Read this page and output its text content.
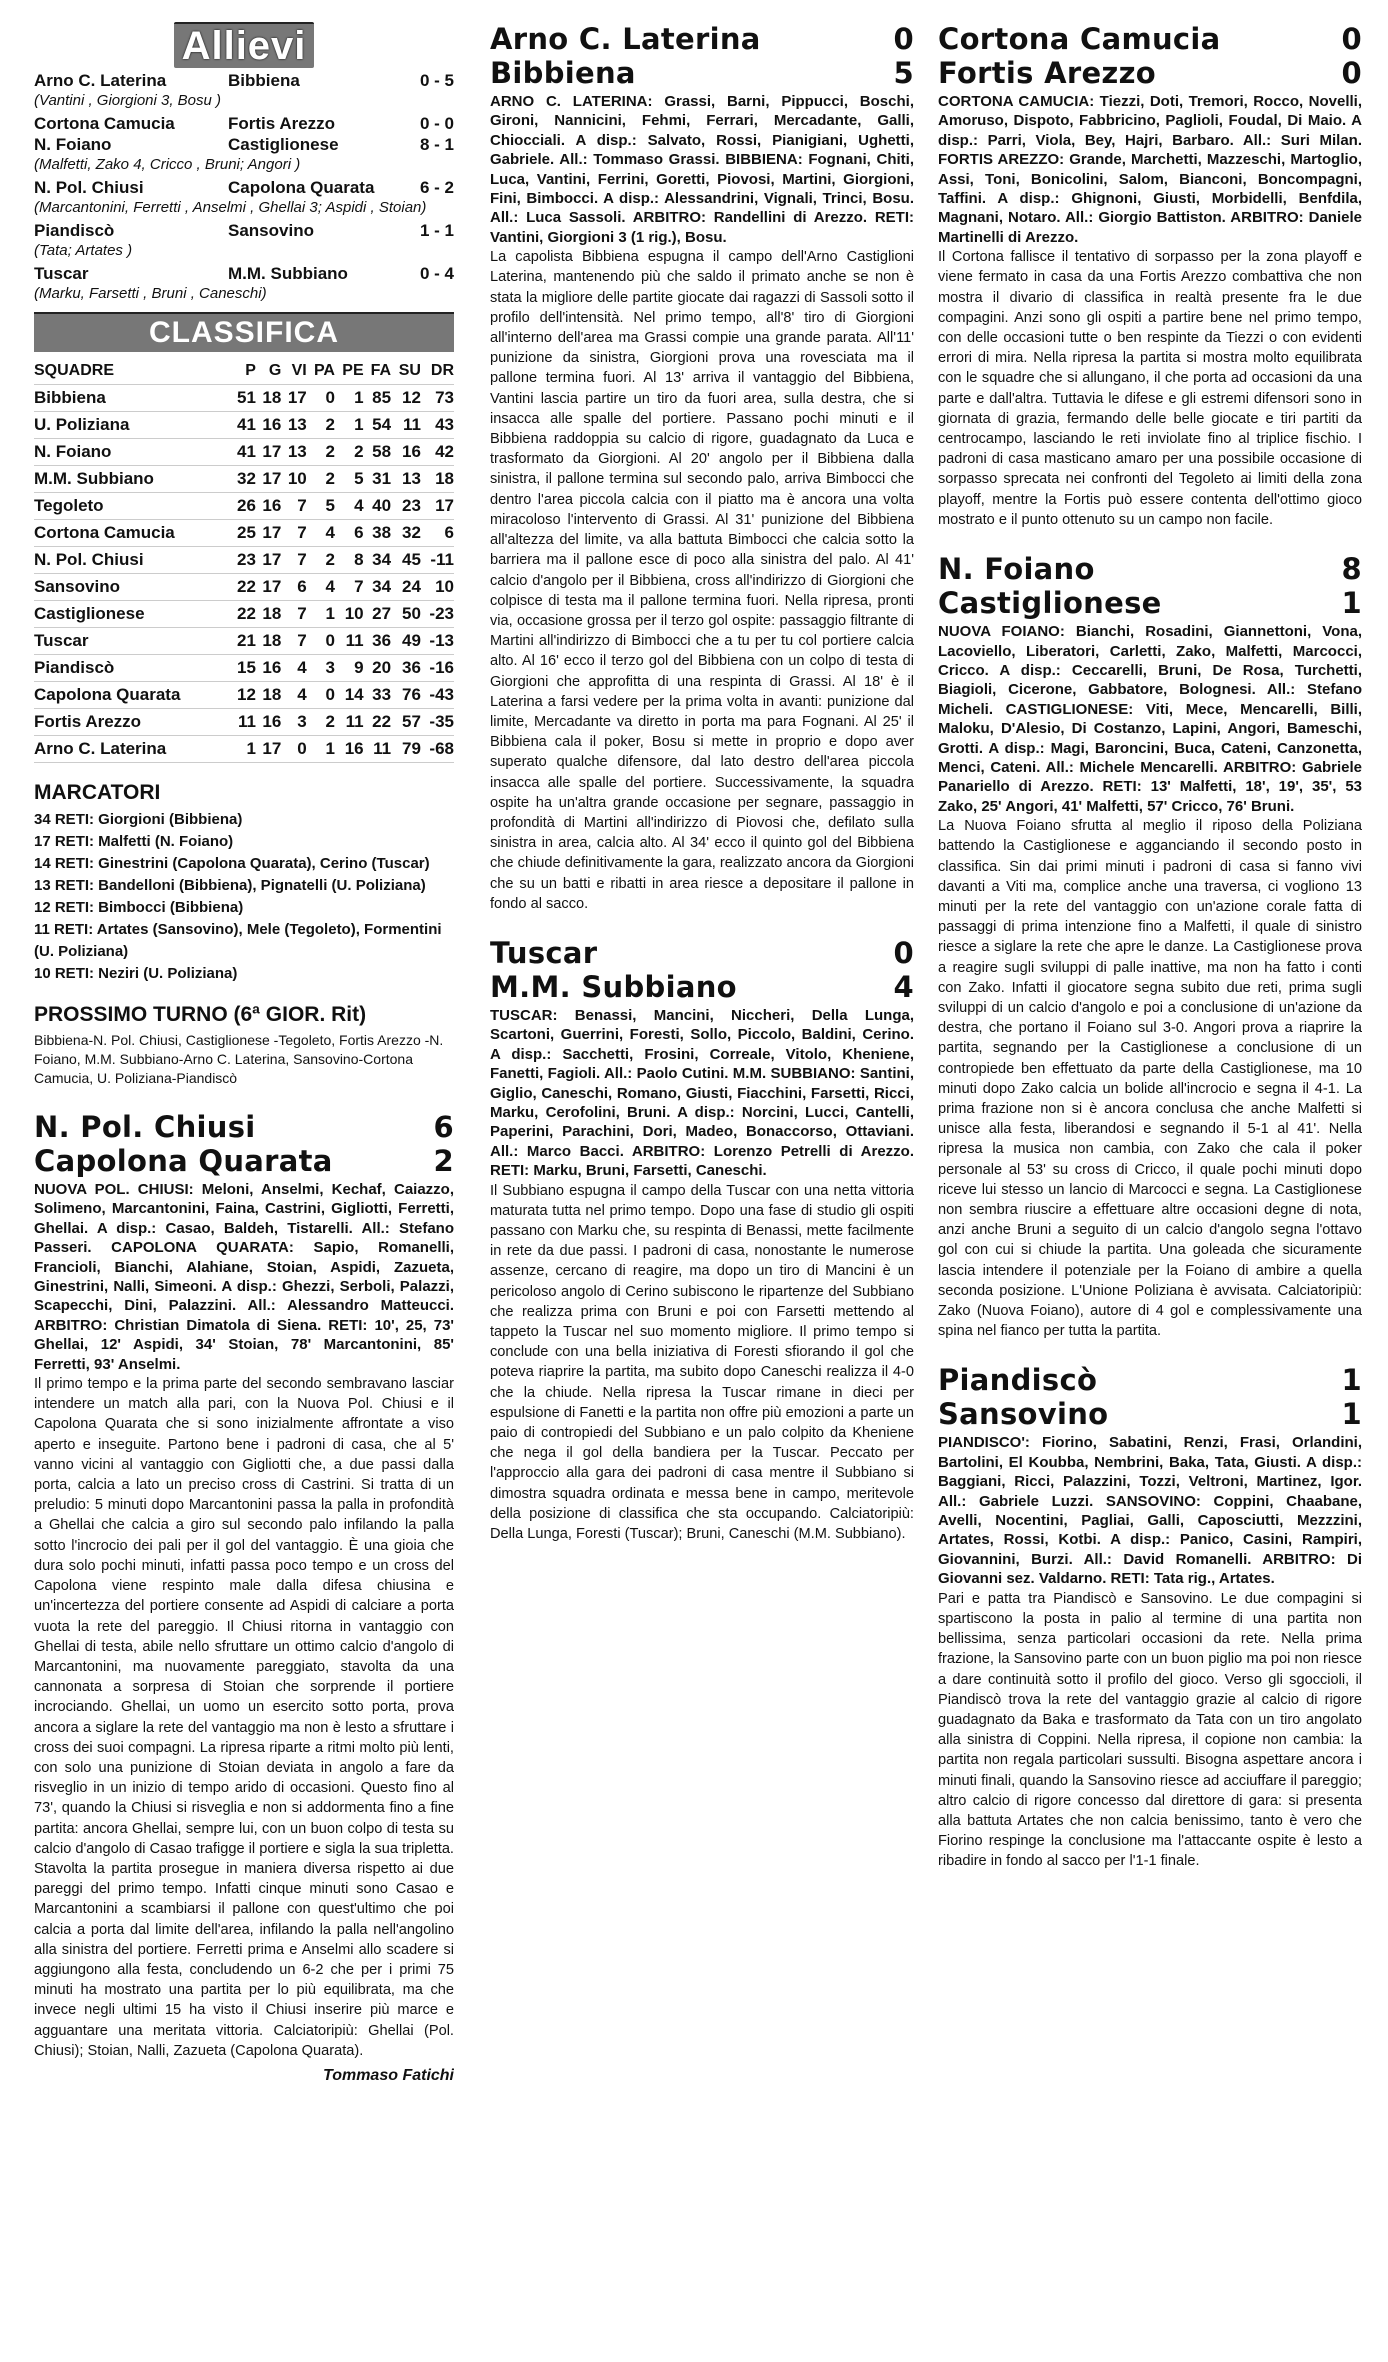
Allievi
Arno C. Laterina	Bibbiena	0 - 5
(Vantini , Giorgioni 3, Bosu )
Cortona Camucia	Fortis Arezzo	0 - 0
N. Foiano	Castiglionese	8 - 1
(Malfetti, Zako 4, Cricco , Bruni; Angori )
N. Pol. Chiusi	Capolona Quarata	6 - 2
(Marcantonini, Ferretti , Anselmi , Ghellai 3; Aspidi , Stoian)
Piandiscò	Sansovino	1 - 1
(Tata; Artates )
Tuscar	M.M. Subbiano	0 - 4
(Marku, Farsetti , Bruni , Caneschi)
CLASSIFICA
SQUADRE	P	G	VI	PA	PE	FA	SU	DR
Bibbiena	51	18	17	0	1	85	12	73
U. Poliziana	41	16	13	2	1	54	11	43
N. Foiano	41	17	13	2	2	58	16	42
M.M. Subbiano	32	17	10	2	5	31	13	18
Tegoleto	26	16	7	5	4	40	23	17
Cortona Camucia	25	17	7	4	6	38	32	6
N. Pol. Chiusi	23	17	7	2	8	34	45	-11
Sansovino	22	17	6	4	7	34	24	10
Castiglionese	22	18	7	1	10	27	50	-23
Tuscar	21	18	7	0	11	36	49	-13
Piandiscò	15	16	4	3	9	20	36	-16
Capolona Quarata	12	18	4	0	14	33	76	-43
Fortis Arezzo	11	16	3	2	11	22	57	-35
Arno C. Laterina	1	17	0	1	16	11	79	-68
MARCATORI
34 RETI: Giorgioni (Bibbiena)
17 RETI: Malfetti (N. Foiano)
14 RETI: Ginestrini (Capolona Quarata), Cerino (Tuscar)
13 RETI: Bandelloni (Bibbiena), Pignatelli (U. Poliziana)
12 RETI: Bimbocci (Bibbiena)
11 RETI: Artates (Sansovino), Mele (Tegoleto), Formentini (U. Poliziana)
10 RETI: Neziri (U. Poliziana)
PROSSIMO TURNO (6ª GIOR. Rit)
Bibbiena-N. Pol. Chiusi, Castiglionese -Tegoleto, Fortis Arezzo -N. Foiano, M.M. Subbiano-Arno C. Laterina, Sansovino-Cortona Camucia, U. Poliziana-Piandiscò
N. Pol. Chiusi	6
Capolona Quarata	2

NUOVA POL. CHIUSI: Meloni, Anselmi, Kechaf, Caiazzo, Solimeno, Marcantonini, Faina, Castrini, Gigliotti, Ferretti, Ghellai. A disp.: Casao, Baldeh, Tistarelli. All.: Stefano Passeri. CAPOLONA QUARATA: Sapio, Romanelli, Francioli, Bianchi, Alahiane, Stoian, Aspidi, Zazueta, Ginestrini, Nalli, Simeoni. A disp.: Ghezzi, Serboli, Palazzi, Scapecchi, Dini, Palazzini. All.: Alessandro Matteucci. ARBITRO: Christian Dimatola di Siena. RETI: 10', 25, 73' Ghellai, 12' Aspidi, 34' Stoian, 78' Marcantonini, 85' Ferretti, 93' Anselmi.

Il primo tempo e la prima parte del secondo sembravano lasciar intendere un match alla pari, con la Nuova Pol. Chiusi e il Capolona Quarata che si sono inizialmente affrontate a viso aperto e inseguite. Partono bene i padroni di casa, che al 5' vanno vicini al vantaggio con Gigliotti che, a due passi dalla porta, calcia a lato un preciso cross di Castrini. Si tratta di un preludio: 5 minuti dopo Marcantonini passa la palla in profondità a Ghellai che calcia a giro sul secondo palo infilando la palla sotto l'incrocio dei pali per il gol del vantaggio. È una gioia che dura solo pochi minuti, infatti passa poco tempo e un cross del Capolona viene respinto male dalla difesa chiusina e un'incertezza del portiere consente ad Aspidi di calciare a porta vuota la rete del pareggio. Il Chiusi ritorna in vantaggio con Ghellai di testa, abile nello sfruttare un ottimo calcio d'angolo di Marcantonini, ma nuovamente pareggiato, stavolta da una cannonata a sorpresa di Stoian che sorprende il portiere incrociando. Ghellai, un uomo un esercito sotto porta, prova ancora a siglare la rete del vantaggio ma non è lesto a sfruttare i cross dei suoi compagni. La ripresa riparte a ritmi molto più lenti, con solo una punizione di Stoian deviata in angolo a fare da risveglio in un inizio di tempo arido di occasioni. Questo fino al 73', quando la Chiusi si risveglia e non si addormenta fino a fine partita: ancora Ghellai, sempre lui, con un buon colpo di testa su calcio d'angolo di Casao trafigge il portiere e sigla la sua tripletta. Stavolta la partita prosegue in maniera diversa rispetto ai due pareggi del primo tempo. Infatti cinque minuti sono Casao e Marcantonini a scambiarsi il pallone con quest'ultimo che poi calcia a porta dal limite dell'area, infilando la palla nell'angolino alla sinistra del portiere. Ferretti prima e Anselmi allo scadere si aggiungono alla festa, concludendo un 6-2 che per i primi 75 minuti ha mostrato una partita per lo più equilibrata, ma che invece negli ultimi 15 ha visto il Chiusi inserire più marce e agguantare una meritata vittoria. Calciatoripiù: Ghellai (Pol. Chiusi); Stoian, Nalli, Zazueta (Capolona Quarata).

Tommaso Fatichi
Arno C. Laterina	0
Bibbiena	5

ARNO C. LATERINA: Grassi, Barni, Pippucci, Boschi, Gironi, Nannicini, Fehmi, Ferrari, Mercadante, Galli, Chiocciali. A disp.: Salvato, Rossi, Pianigiani, Ughetti, Gabriele. All.: Tommaso Grassi. BIBBIENA: Fognani, Chiti, Luca, Vantini, Ferrini, Goretti, Piovosi, Martini, Giorgioni, Fini, Bimbocci. A disp.: Alessandrini, Vignali, Trinci, Bosu. All.: Luca Sassoli. ARBITRO: Randellini di Arezzo. RETI: Vantini, Giorgioni 3 (1 rig.), Bosu.

La capolista Bibbiena espugna il campo dell'Arno Castiglioni Laterina, mantenendo più che saldo il primato anche se non è stata la migliore delle partite giocate dai ragazzi di Sassoli sotto il profilo dell'intensità. Nel primo tempo, all'8' tiro di Giorgioni all'interno dell'area ma Grassi compie una grande parata. All'11' punizione da sinistra, Giorgioni prova una rovesciata ma il pallone termina fuori. Al 13' arriva il vantaggio del Bibbiena, Vantini lascia partire un tiro da fuori area, sulla destra, che si insacca alle spalle del portiere. Passano pochi minuti e il Bibbiena raddoppia su calcio di rigore, guadagnato da Luca e trasformato da Giorgioni. Al 20' angolo per il Bibbiena dalla sinistra, il pallone termina sul secondo palo, arriva Bimbocci che dentro l'area piccola calcia con il piatto ma è ancora una volta miracoloso l'intervento di Grassi. Al 31' punizione del Bibbiena all'altezza del limite, va alla battuta Bimbocci che calcia sotto la barriera ma il pallone esce di poco alla sinistra del palo. Al 41' calcio d'angolo per il Bibbiena, cross all'indirizzo di Giorgioni che colpisce di testa ma il pallone termina fuori. Nella ripresa, pronti via, occasione grossa per il terzo gol ospite: passaggio filtrante di Martini all'indirizzo di Bimbocci che a tu per tu col portiere calcia alto. Al 16' ecco il terzo gol del Bibbiena con un colpo di testa di Giorgioni che approfitta di una respinta di Grassi. Al 18' è il Laterina a farsi vedere per la prima volta in avanti: punizione dal limite, Mercadante va diretto in porta ma para Fognani. Al 25' il Bibbiena cala il poker, Bosu si mette in proprio e dopo aver superato qualche difensore, dal lato destro dell'area piccola insacca alle spalle del portiere. Successivamente, la squadra ospite ha un'altra grande occasione per segnare, passaggio in profondità di Martini all'indirizzo di Piovosi che, defilato sulla sinistra in area, calcia alto. Al 34' ecco il quinto gol del Bibbiena che chiude definitivamente la gara, realizzato ancora da Giorgioni che su un batti e ribatti in area riesce a depositare il pallone in fondo al sacco.

Tuscar	0
M.M. Subbiano	4

TUSCAR: Benassi, Mancini, Niccheri, Della Lunga, Scartoni, Guerrini, Foresti, Sollo, Piccolo, Baldini, Cerino. A disp.: Sacchetti, Frosini, Correale, Vitolo, Kheniene, Fanetti, Fagioli. All.: Paolo Cutini. M.M. SUBBIANO: Santini, Giglio, Caneschi, Romano, Giusti, Fiacchini, Farsetti, Ricci, Marku, Cerofolini, Bruni. A disp.: Norcini, Lucci, Cantelli, Paperini, Parachini, Dori, Madeo, Bonaccorso, Ottaviani. All.: Marco Bacci. ARBITRO: Lorenzo Petrelli di Arezzo. RETI: Marku, Bruni, Farsetti, Caneschi.

Il Subbiano espugna il campo della Tuscar con una netta vittoria maturata tutta nel primo tempo. Dopo una fase di studio gli ospiti passano con Marku che, su respinta di Benassi, mette facilmente in rete da due passi. I padroni di casa, nonostante le numerose assenze, cercano di reagire, ma dopo un tiro di Mancini è un pericoloso angolo di Cerino subiscono le ripartenze del Subbiano che realizza prima con Bruni e poi con Farsetti mettendo al tappeto la Tuscar nel suo momento migliore. Il primo tempo si conclude con una bella iniziativa di Foresti sfiorando il gol che poteva riaprire la partita, ma subito dopo Caneschi realizza il 4-0 che la chiude. Nella ripresa la Tuscar rimane in dieci per espulsione di Fanetti e la partita non offre più emozioni a parte un paio di contropiedi del Subbiano e un palo colpito da Kheniene che nega il gol della bandiera per la Tuscar. Peccato per l'approccio alla gara dei padroni di casa mentre il Subbiano si dimostra squadra ordinata e messa bene in campo, meritevole della posizione di classifica che sta occupando. Calciatoripiù: Della Lunga, Foresti (Tuscar); Bruni, Caneschi (M.M. Subbiano).

Cortona Camucia	0
Fortis Arezzo	0

CORTONA CAMUCIA: Tiezzi, Doti, Tremori, Rocco, Novelli, Amoruso, Dispoto, Fabbricino, Paglioli, Foudal, Di Maio. A disp.: Parri, Viola, Bey, Hajri, Barbaro. All.: Suri Milan. FORTIS AREZZO: Grande, Marchetti, Mazzeschi, Martoglio, Assi, Toni, Bonicolini, Salom, Bianconi, Boncompagni, Taffini. A disp.: Ghignoni, Giusti, Morbidelli, Benfdila, Magnani, Notaro. All.: Giorgio Battiston. ARBITRO: Daniele Martinelli di Arezzo.

Il Cortona fallisce il tentativo di sorpasso per la zona playoff e viene fermato in casa da una Fortis Arezzo combattiva che non mostra il divario di classifica in realtà presente fra le due compagini. Anzi sono gli ospiti a partire bene nel primo tempo, con delle occasioni tutte o ben respinte da Tiezzi o con evidenti errori di mira. Nella ripresa la partita si mostra molto equilibrata con le squadre che si allungano, il che porta ad occasioni da una parte e dall'altra. Tuttavia le difese e gli estremi difensori sono in giornata di grazia, fermando delle belle giocate e tiri partiti da centrocampo, lasciando le reti inviolate fino al triplice fischio. I padroni di casa masticano amaro per una possibile occasione di sorpasso sprecata nei confronti del Tegoleto ai limiti della zona playoff, mentre la Fortis può essere contenta dell'ottimo gioco mostrato e il punto ottenuto su un campo non facile.

N. Foiano	8
Castiglionese	1

NUOVA FOIANO: Bianchi, Rosadini, Giannettoni, Vona, Lacoviello, Liberatori, Carletti, Zako, Malfetti, Marcocci, Cricco. A disp.: Ceccarelli, Bruni, De Rosa, Turchetti, Biagioli, Cicerone, Gabbatore, Bolognesi. All.: Stefano Micheli. CASTIGLIONESE: Viti, Mece, Mencarelli, Billi, Maloku, D'Alesio, Di Costanzo, Lapini, Angori, Bameschi, Grotti. A disp.: Magi, Baroncini, Buca, Cateni, Canzonetta, Menci, Cateni. All.: Michele Mencarelli. ARBITRO: Gabriele Panariello di Arezzo. RETI: 13' Malfetti, 18', 19', 35', 53 Zako, 25' Angori, 41' Malfetti, 57' Cricco, 76' Bruni.

La Nuova Foiano sfrutta al meglio il riposo della Poliziana battendo la Castiglionese e agganciando il secondo posto in classifica. Sin dai primi minuti i padroni di casa si fanno vivi davanti a Viti ma, complice anche una traversa, ci vogliono 13 minuti per la rete del vantaggio con un'azione corale fatta di passaggi di prima intenzione fino a Malfetti, il quale di sinistro riesce a siglare la rete che apre le danze. La Castiglionese prova a reagire sugli sviluppi di palle inattive, ma non ha fatto i conti con Zako. Infatti il giocatore segna subito due reti, prima sugli sviluppi di un calcio d'angolo e poi a conclusione di un'azione da destra, che portano il Foiano sul 3-0. Angori prova a riaprire la partita, segnando per la Castiglionese a conclusione di un contropiede ben effettuato da parte della Castiglionese, ma 10 minuti dopo Zako calcia un bolide all'incrocio e segna il 4-1. La prima frazione non si è ancora conclusa che anche Malfetti si unisce alla festa, liberandosi e segnando il 5-1 al 41'. Nella ripresa la musica non cambia, con Zako che cala il poker personale al 53' su cross di Cricco, il quale pochi minuti dopo riceve lui stesso un lancio di Marcocci e segna. La Castiglionese non sembra riuscire a effettuare altre occasioni degne di nota, anzi anche Bruni a seguito di un calcio d'angolo segna l'ottavo gol con cui si chiude la partita. Una goleada che sicuramente lascia intendere il potenziale per la Foiano di ambire a quella seconda posizione. L'Unione Poliziana è avvisata. Calciatoripiù: Zako (Nuova Foiano), autore di 4 gol e complessivamente una spina nel fianco per tutta la partita.

Piandiscò	1
Sansovino	1

PIANDISCO': Fiorino, Sabatini, Renzi, Frasi, Orlandini, Bartolini, El Koubba, Nembrini, Baka, Tata, Giusti. A disp.: Baggiani, Ricci, Palazzini, Tozzi, Veltroni, Martinez, Igor. All.: Gabriele Luzzi. SANSOVINO: Coppini, Chaabane, Avelli, Nocentini, Pagliai, Galli, Caposciutti, Mezzzini, Artates, Rossi, Kotbi. A disp.: Panico, Casini, Rampiri, Giovannini, Burzi. All.: David Romanelli. ARBITRO: Di Giovanni sez. Valdarno. RETI: Tata rig., Artates.

Pari e patta tra Piandiscò e Sansovino. Le due compagini si spartiscono la posta in palio al termine di una partita non bellissima, senza particolari occasioni da rete. Nella prima frazione, la Sansovino parte con un buon piglio ma poi non riesce a dare continuità sotto il profilo del gioco. Verso gli sgoccioli, il Piandiscò trova la rete del vantaggio grazie al calcio di rigore guadagnato da Baka e trasformato da Tata con un tiro angolato alla sinistra di Coppini. Nella ripresa, il copione non cambia: la partita non regala particolari sussulti. Bisogna aspettare ancora i minuti finali, quando la Sansovino riesce ad acciuffare il pareggio; altro calcio di rigore concesso dal direttore di gara: si presenta alla battuta Artates che non calcia benissimo, tanto è vero che Fiorino respinge la conclusione ma l'attaccante ospite è lesto a ribadire in fondo al sacco per l'1-1 finale.
